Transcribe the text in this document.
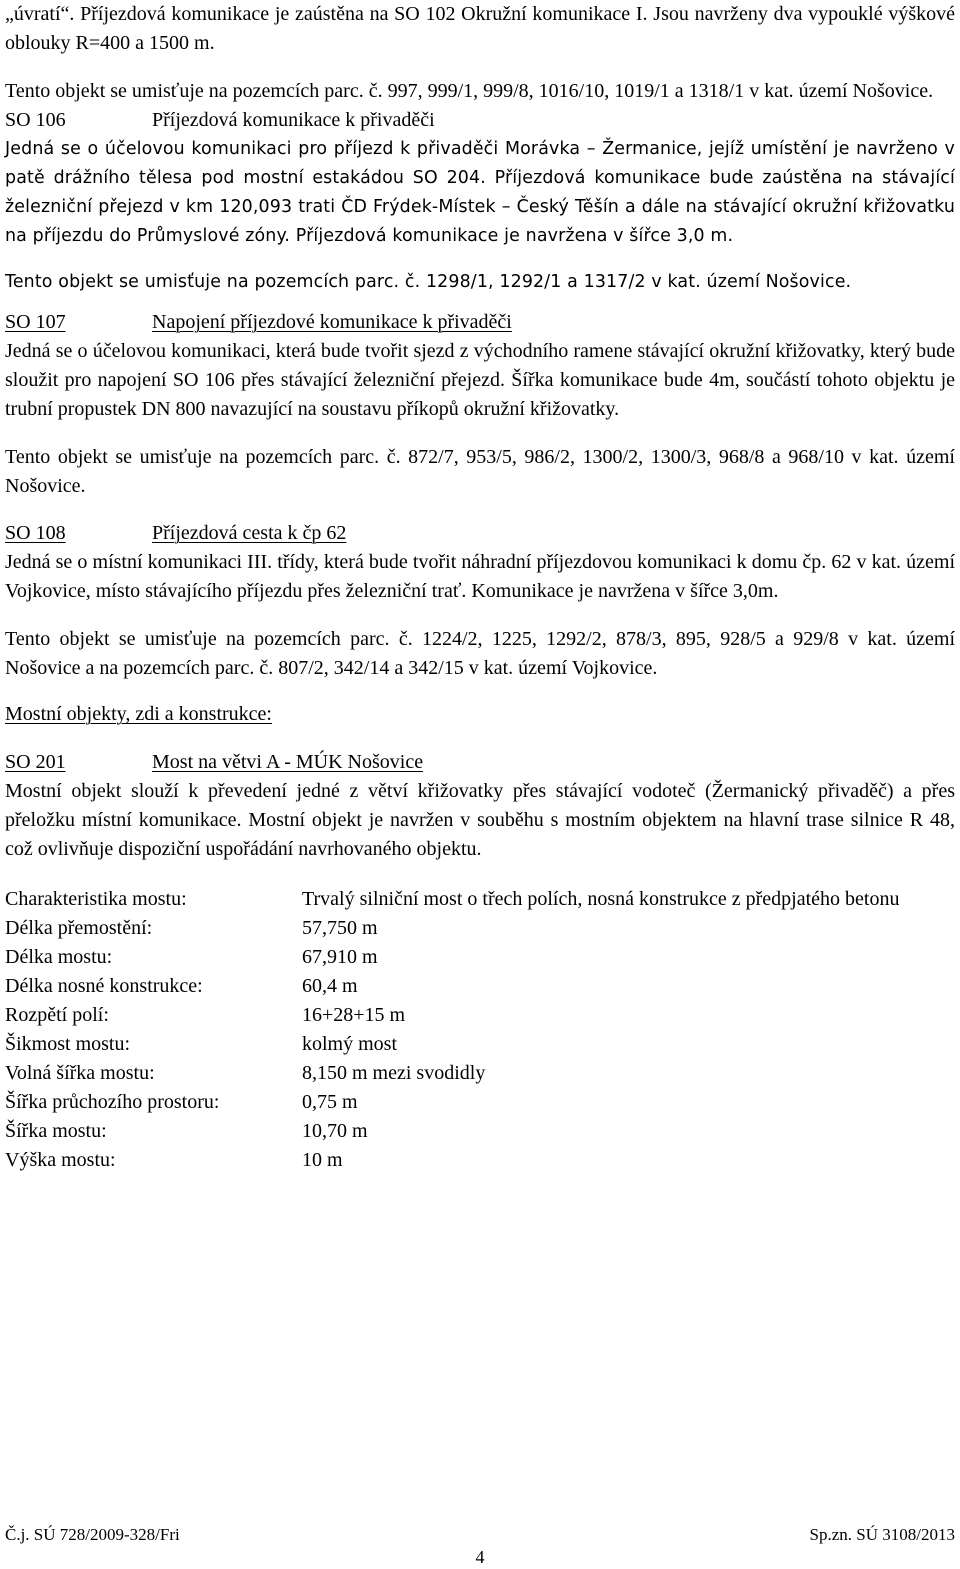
„úvratí“. Příjezdová komunikace je zaústěna na SO 102 Okružní komunikace I. Jsou navrženy dva vypouklé výškové oblouky R=400 a 1500 m.

Tento objekt se umisťuje na pozemcích parc. č. 997, 999/1, 999/8, 1016/10, 1019/1 a 1318/1 v kat. území Nošovice.

SO 106	Příjezdová komunikace k přivaděči

Jedná se o účelovou komunikaci pro příjezd k přivaděči Morávka – Žermanice, jejíž umístění je navrženo v patě drážního tělesa pod mostní estakádou SO 204. Příjezdová komunikace bude zaústěna na stávající železniční přejezd v km 120,093 trati ČD Frýdek-Místek – Český Těšín a dále na stávající okružní křižovatku na příjezdu do Průmyslové zóny. Příjezdová komunikace je navržena v šířce 3,0 m.

Tento objekt se umisťuje na pozemcích parc. č. 1298/1, 1292/1 a 1317/2 v kat. území Nošovice.

SO 107	Napojení příjezdové komunikace k přivaděči

Jedná se o účelovou komunikaci, která bude tvořit sjezd z východního ramene stávající okružní křižovatky, který bude sloužit pro napojení SO 106 přes stávající železniční přejezd. Šířka komunikace bude 4m, součástí tohoto objektu je trubní propustek DN 800 navazující na soustavu příkopů okružní křižovatky.

Tento objekt se umisťuje na pozemcích parc. č. 872/7, 953/5, 986/2, 1300/2, 1300/3, 968/8 a 968/10 v kat. území Nošovice.

SO 108	Příjezdová cesta k čp 62

Jedná se o místní komunikaci III. třídy, která bude tvořit náhradní příjezdovou komunikaci k domu čp. 62 v kat. území Vojkovice, místo stávajícího příjezdu přes železniční trať. Komunikace je navržena v šířce 3,0m.

Tento objekt se umisťuje na pozemcích parc. č. 1224/2, 1225, 1292/2, 878/3, 895, 928/5 a 929/8 v kat. území Nošovice a na pozemcích parc. č. 807/2, 342/14 a 342/15 v kat. území Vojkovice.

Mostní objekty, zdi a konstrukce:
SO 201	Most na větvi A - MÚK Nošovice

Mostní objekt slouží k převedení jedné z větví křižovatky přes stávající vodoteč (Žermanický přivaděč) a přes přeložku místní komunikace. Mostní objekt je navržen v souběhu s mostním objektem na hlavní trase silnice R 48, což ovlivňuje dispoziční uspořádání navrhovaného objektu.

Charakteristika mostu:	Trvalý silniční most o třech polích, nosná konstrukce z předpjatého betonu
Délka přemostění:	57,750 m
Délka mostu:	67,910 m
Délka nosné konstrukce:	60,4 m
Rozpětí polí:	16+28+15 m
Šikmost mostu:	kolmý most
Volná šířka mostu:	8,150 m mezi svodidly
Šířka průchozího prostoru:	0,75 m
Šířka mostu:	10,70 m
Výška mostu:	10 m
Č.j. SÚ 728/2009-328/Fri	Sp.zn. SÚ 3108/2013
4
